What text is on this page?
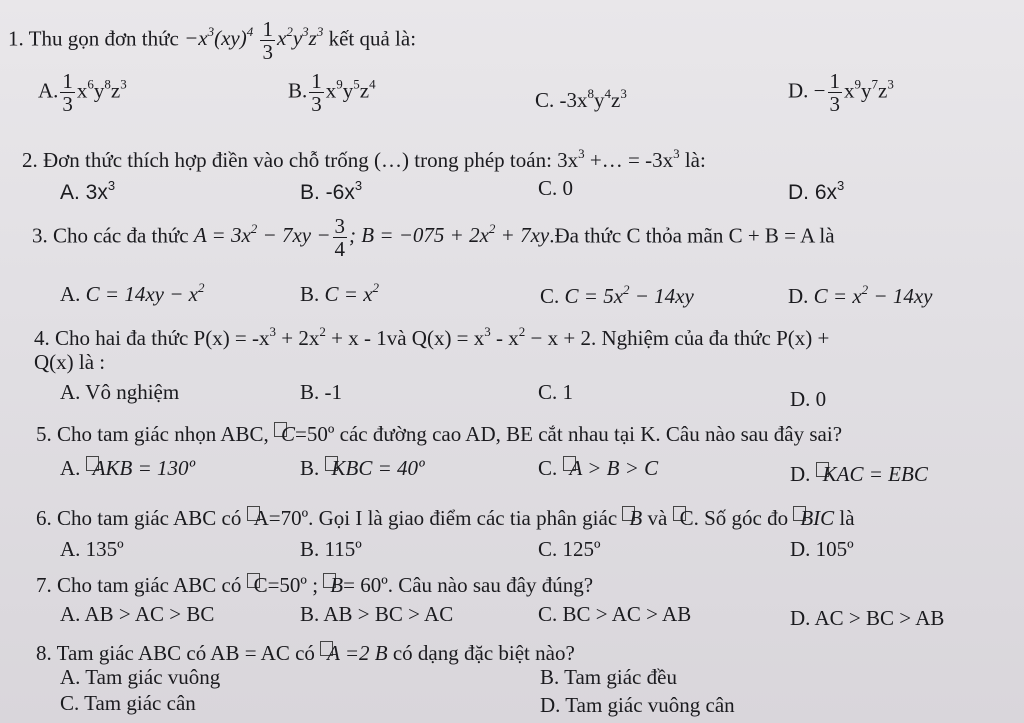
1. Thu gọn đơn thức $-x^3(xy)^4 \frac{1}{3} x^2y^3z^3$ kết quả là:
A. $\frac{1}{3} x^6y^8z^3$	B. $\frac{1}{3} x^9y^5z^4$
C. $-3x^8y^4z^3$	D. − $\frac{1}{3} x^9y^7z^3$
2. Đơn thức thích hợp điền vào chỗ trống (…) trong phép toán: $3x^3$ +… = $-3x^3$ là:
A. $3x^3$	B. $-6x^3$	C. 0	D. $6x^3$
3. Cho các đa thức $A = 3x^2 - 7xy - \frac{3}{4}$ ; $B = -075 + 2x^2$ + 7xy.Đa thức C thỏa mãn C + B = A là
A. $C = 14xy - x^2$	B. $C = x^2$	C. $C = 5x^2 - 14xy$	D. $C = x^2 - 14xy$
4. Cho hai đa thức $P(x) = -x^3 + 2x^2 + x$ - 1và $Q(x) = x^3 - x^2 - x + 2$. Nghiệm của đa thức P(x) +
Q(x) là :
A. Vô nghiệm	B. -1	C. 1	D. 0
5. Cho tam giác nhọn ABC, C=50º các đường cao AD, BE cắt nhau tại K. Câu nào sau đây sai?
A. AKB = 130º	B. KBC = 40º	C. A > B > C	D. KAC = EBC
6. Cho tam giác ABC có A=70º. Gọi I là giao điểm các tia phân giác B và C. Số góc đo BIC là
A. 135º	B. 115º	C. 125º	D. 105º
7. Cho tam giác ABC có C=50º ; B= 60º. Câu nào sau đây đúng?
A. AB > AC > BC	B. AB > BC > AC	C. BC > AC > AB	D. AC > BC > AB
8. Tam giác ABC có AB = AC có A =2 B có dạng đặc biệt nào?
A. Tam giác vuông	B. Tam giác đều
C. Tam giác cân	D. Tam giác vuông cân
